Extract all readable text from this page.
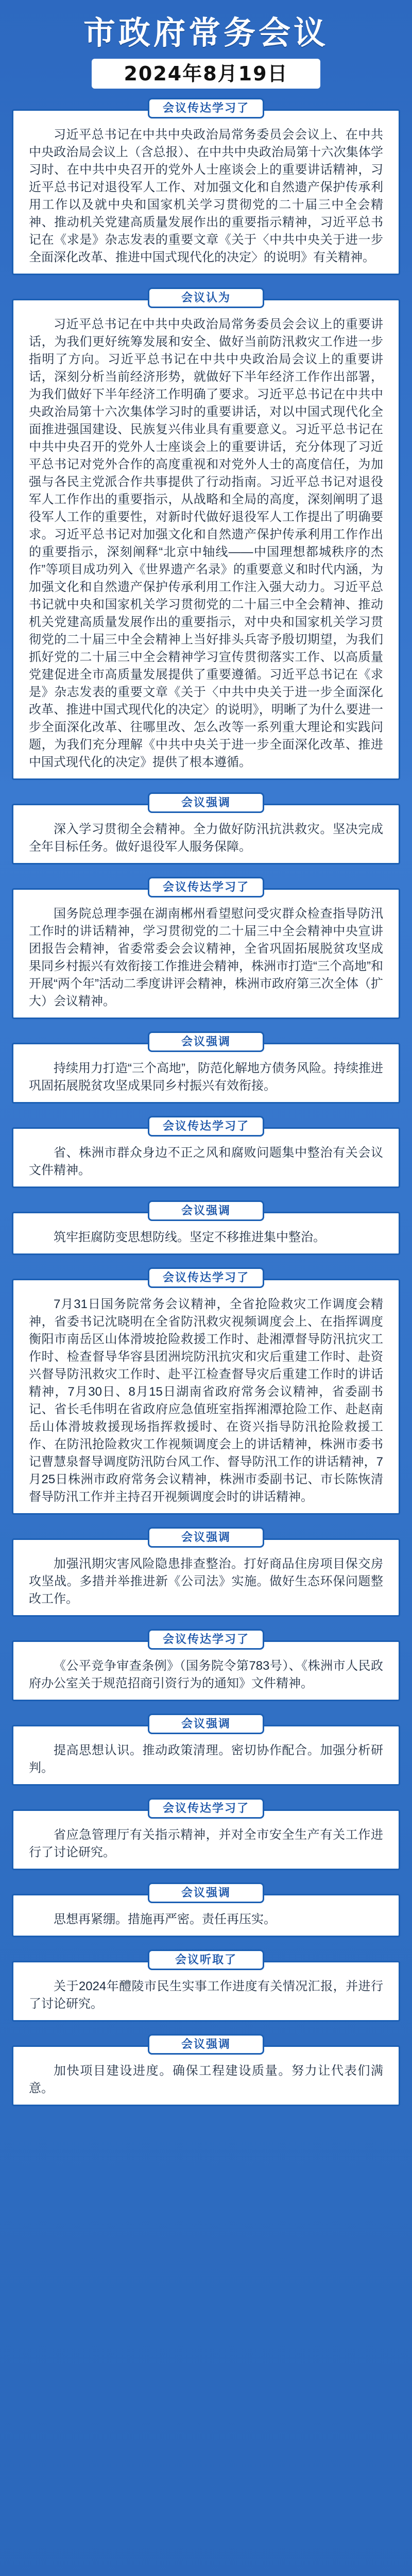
市政府常务会议
2024年8月19日
会议传达学习了

习近平总书记在中共中央政治局常务委员会会议上、在中共中央政治局会议上（含总报）、在中共中央政治局第十六次集体学习时、在中共中央召开的党外人士座谈会上的重要讲话精神，习近平总书记对退役军人工作、对加强文化和自然遗产保护传承利用工作以及就中央和国家机关学习贯彻党的二十届三中全会精神、推动机关党建高质量发展作出的重要指示精神，习近平总书记在《求是》杂志发表的重要文章《关于〈中共中央关于进一步全面深化改革、推进中国式现代化的决定〉的说明》有关精神。

会议认为

习近平总书记在中共中央政治局常务委员会会议上的重要讲话，为我们更好统筹发展和安全、做好当前防汛救灾工作进一步指明了方向。习近平总书记在中共中央政治局会议上的重要讲话，深刻分析当前经济形势，就做好下半年经济工作作出部署，为我们做好下半年经济工作明确了要求。习近平总书记在中共中央政治局第十六次集体学习时的重要讲话，对以中国式现代化全面推进强国建设、民族复兴伟业具有重要意义。习近平总书记在中共中央召开的党外人士座谈会上的重要讲话，充分体现了习近平总书记对党外合作的高度重视和对党外人士的高度信任，为加强与各民主党派合作共事提供了行动指南。习近平总书记对退役军人工作作出的重要指示，从战略和全局的高度，深刻阐明了退役军人工作的重要性，对新时代做好退役军人工作提出了明确要求。习近平总书记对加强文化和自然遗产保护传承利用工作作出的重要指示，深刻阐释“北京中轴线——中国理想都城秩序的杰作”等项目成功列入《世界遗产名录》的重要意义和时代内涵，为加强文化和自然遗产保护传承利用工作注入强大动力。习近平总书记就中央和国家机关学习贯彻党的二十届三中全会精神、推动机关党建高质量发展作出的重要指示，对中央和国家机关学习贯彻党的二十届三中全会精神上当好排头兵寄予殷切期望，为我们抓好党的二十届三中全会精神学习宣传贯彻落实工作、以高质量党建促进全市高质量发展提供了重要遵循。习近平总书记在《求是》杂志发表的重要文章《关于〈中共中央关于进一步全面深化改革、推进中国式现代化的决定〉的说明》，明晰了为什么要进一步全面深化改革、往哪里改、怎么改等一系列重大理论和实践问题，为我们充分理解《中共中央关于进一步全面深化改革、推进中国式现代化的决定》提供了根本遵循。

会议强调

深入学习贯彻全会精神。全力做好防汛抗洪救灾。坚决完成全年目标任务。做好退役军人服务保障。

会议传达学习了

国务院总理李强在湖南郴州看望慰问受灾群众检查指导防汛工作时的讲话精神，学习贯彻党的二十届三中全会精神中央宣讲团报告会精神，省委常委会会议精神，全省巩固拓展脱贫攻坚成果同乡村振兴有效衔接工作推进会精神，株洲市打造“三个高地”和开展“两个年”活动二季度讲评会精神，株洲市政府第三次全体（扩大）会议精神。

会议强调

持续用力打造“三个高地”，防范化解地方债务风险。持续推进巩固拓展脱贫攻坚成果同乡村振兴有效衔接。

会议传达学习了

省、株洲市群众身边不正之风和腐败问题集中整治有关会议文件精神。

会议强调

筑牢拒腐防变思想防线。坚定不移推进集中整治。

会议传达学习了

7月31日国务院常务会议精神，全省抢险救灾工作调度会精神，省委书记沈晓明在全省防汛救灾视频调度会上、在指挥调度衡阳市南岳区山体滑坡抢险救援工作时、赴湘潭督导防汛抗灾工作时、检查督导华容县团洲垸防汛抗灾和灾后重建工作时、赴资兴督导防汛救灾工作时、赴平江检查督导灾后重建工作时的讲话精神，7月30日、8月15日湖南省政府常务会议精神，省委副书记、省长毛伟明在省政府应急值班室指挥湘潭抢险工作、赴赵南岳山体滑坡救援现场指挥救援时、在资兴指导防汛抢险救援工作、在防汛抢险救灾工作视频调度会上的讲话精神，株洲市委书记曹慧泉督导调度防汛防台风工作、督导防汛工作的讲话精神，7月25日株洲市政府常务会议精神，株洲市委副书记、市长陈恢清督导防汛工作并主持召开视频调度会时的讲话精神。

会议强调

加强汛期灾害风险隐患排查整治。打好商品住房项目保交房攻坚战。多措并举推进新《公司法》实施。做好生态环保问题整改工作。

会议传达学习了

《公平竞争审查条例》（国务院令第783号）、《株洲市人民政府办公室关于规范招商引资行为的通知》文件精神。

会议强调

提高思想认识。推动政策清理。密切协作配合。加强分析研判。

会议传达学习了

省应急管理厅有关指示精神，并对全市安全生产有关工作进行了讨论研究。

会议强调

思想再紧绷。措施再严密。责任再压实。

会议听取了

关于2024年醴陵市民生实事工作进度有关情况汇报，并进行了讨论研究。

会议强调

加快项目建设进度。确保工程建设质量。努力让代表们满意。
